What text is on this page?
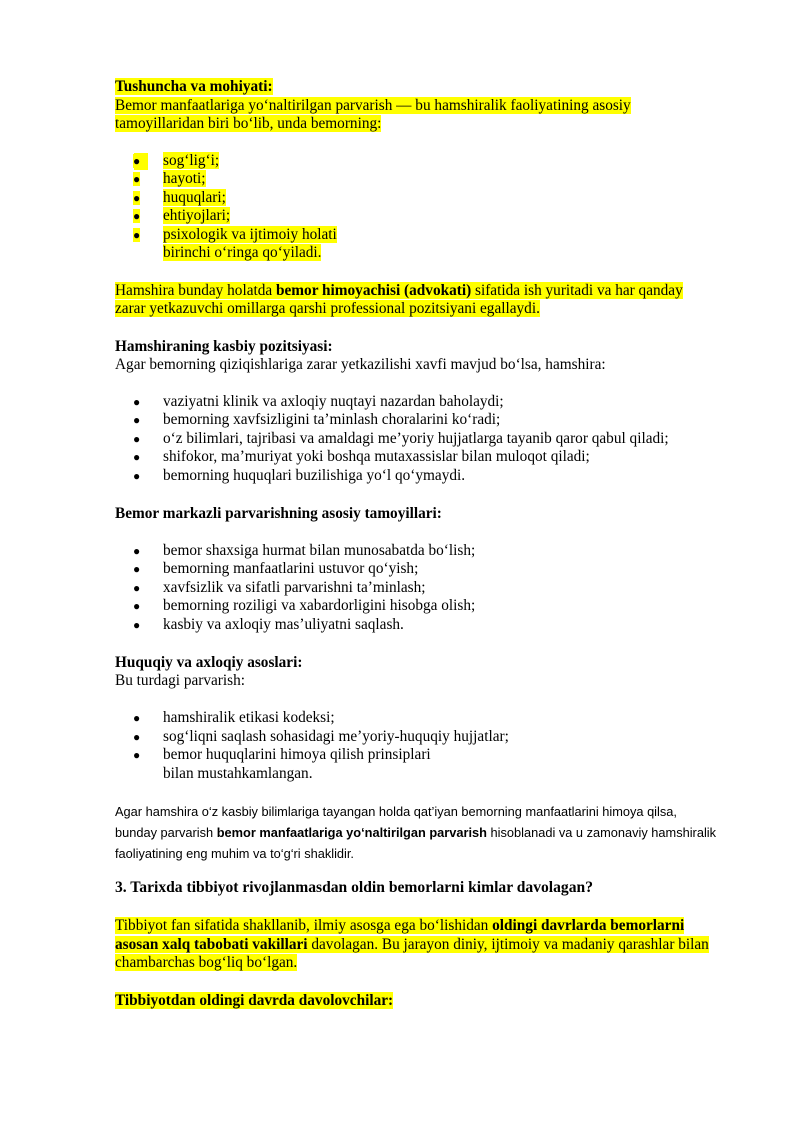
Tushuncha va mohiyati:
Bemor manfaatlariga yo‘naltirilgan parvarish — bu hamshiralik faoliyatining asosiy
tamoyillaridan biri bo‘lib, unda bemorning:
● sog‘lig‘i;
● hayoti;
● huquqlari;
● ehtiyojlari;
● psixologik va ijtimoiy holati
birinchi o‘ringa qo‘yiladi.
Hamshira bunday holatda bemor himoyachisi (advokati) sifatida ish yuritadi va har qanday
zarar yetkazuvchi omillarga qarshi professional pozitsiyani egallaydi.
Hamshiraning kasbiy pozitsiyasi:
Agar bemorning qiziqishlariga zarar yetkazilishi xavfi mavjud bo‘lsa, hamshira:
● vaziyatni klinik va axloqiy nuqtayi nazardan baholaydi;
● bemorning xavfsizligini ta’minlash choralarini ko‘radi;
● o‘z bilimlari, tajribasi va amaldagi me’yoriy hujjatlarga tayanib qaror qabul qiladi;
● shifokor, ma’muriyat yoki boshqa mutaxassislar bilan muloqot qiladi;
● bemorning huquqlari buzilishiga yo‘l qo‘ymaydi.
Bemor markazli parvarishning asosiy tamoyillari:
● bemor shaxsiga hurmat bilan munosabatda bo‘lish;
● bemorning manfaatlarini ustuvor qo‘yish;
● xavfsizlik va sifatli parvarishni ta’minlash;
● bemorning roziligi va xabardorligini hisobga olish;
● kasbiy va axloqiy mas’uliyatni saqlash.
Huquqiy va axloqiy asoslari:
Bu turdagi parvarish:
● hamshiralik etikasi kodeksi;
● sog‘liqni saqlash sohasidagi me’yoriy-huquqiy hujjatlar;
● bemor huquqlarini himoya qilish prinsiplari
bilan mustahkamlangan.
Agar hamshira o‘z kasbiy bilimlariga tayangan holda qat’iyan bemorning manfaatlarini himoya qilsa,
bunday parvarish bemor manfaatlariga yo‘naltirilgan parvarish hisoblanadi va u zamonaviy hamshiralik
faoliyatining eng muhim va to‘g‘ri shaklidir.
3. Tarixda tibbiyot rivojlanmasdan oldin bemorlarni kimlar davolagan?
Tibbiyot fan sifatida shakllanib, ilmiy asosga ega bo‘lishidan oldingi davrlarda bemorlarni
asosan xalq tabobati vakillari davolagan. Bu jarayon diniy, ijtimoiy va madaniy qarashlar bilan
chambarchas bog‘liq bo‘lgan.
Tibbiyotdan oldingi davrda davolovchilar:
